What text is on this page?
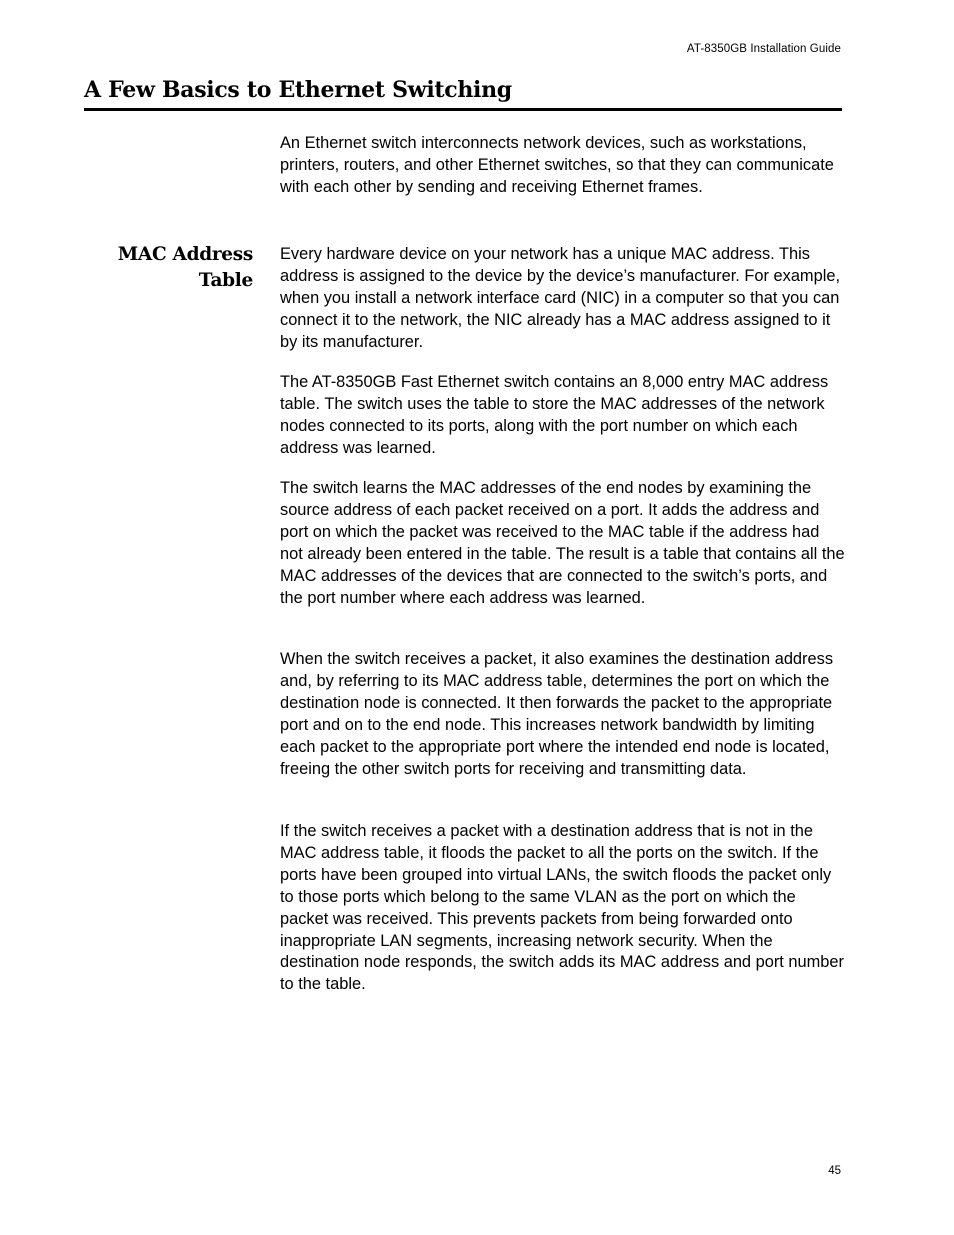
AT-8350GB Installation Guide
A Few Basics to Ethernet Switching

An Ethernet switch interconnects network devices, such as workstations, printers, routers, and other Ethernet switches, so that they can communicate with each other by sending and receiving Ethernet frames.

MAC Address
Table

Every hardware device on your network has a unique MAC address. This address is assigned to the device by the device’s manufacturer. For example, when you install a network interface card (NIC) in a computer so that you can connect it to the network, the NIC already has a MAC address assigned to it by its manufacturer.

The AT-8350GB Fast Ethernet switch contains an 8,000 entry MAC address table. The switch uses the table to store the MAC addresses of the network nodes connected to its ports, along with the port number on which each address was learned.

The switch learns the MAC addresses of the end nodes by examining the source address of each packet received on a port. It adds the address and port on which the packet was received to the MAC table if the address had not already been entered in the table. The result is a table that contains all the MAC addresses of the devices that are connected to the switch’s ports, and the port number where each address was learned.

When the switch receives a packet, it also examines the destination address and, by referring to its MAC address table, determines the port on which the destination node is connected. It then forwards the packet to the appropriate port and on to the end node. This increases network bandwidth by limiting each packet to the appropriate port where the intended end node is located, freeing the other switch ports for receiving and transmitting data.

If the switch receives a packet with a destination address that is not in the MAC address table, it floods the packet to all the ports on the switch. If the ports have been grouped into virtual LANs, the switch floods the packet only to those ports which belong to the same VLAN as the port on which the packet was received. This prevents packets from being forwarded onto inappropriate LAN segments, increasing network security. When the destination node responds, the switch adds its MAC address and port number to the table.

45
